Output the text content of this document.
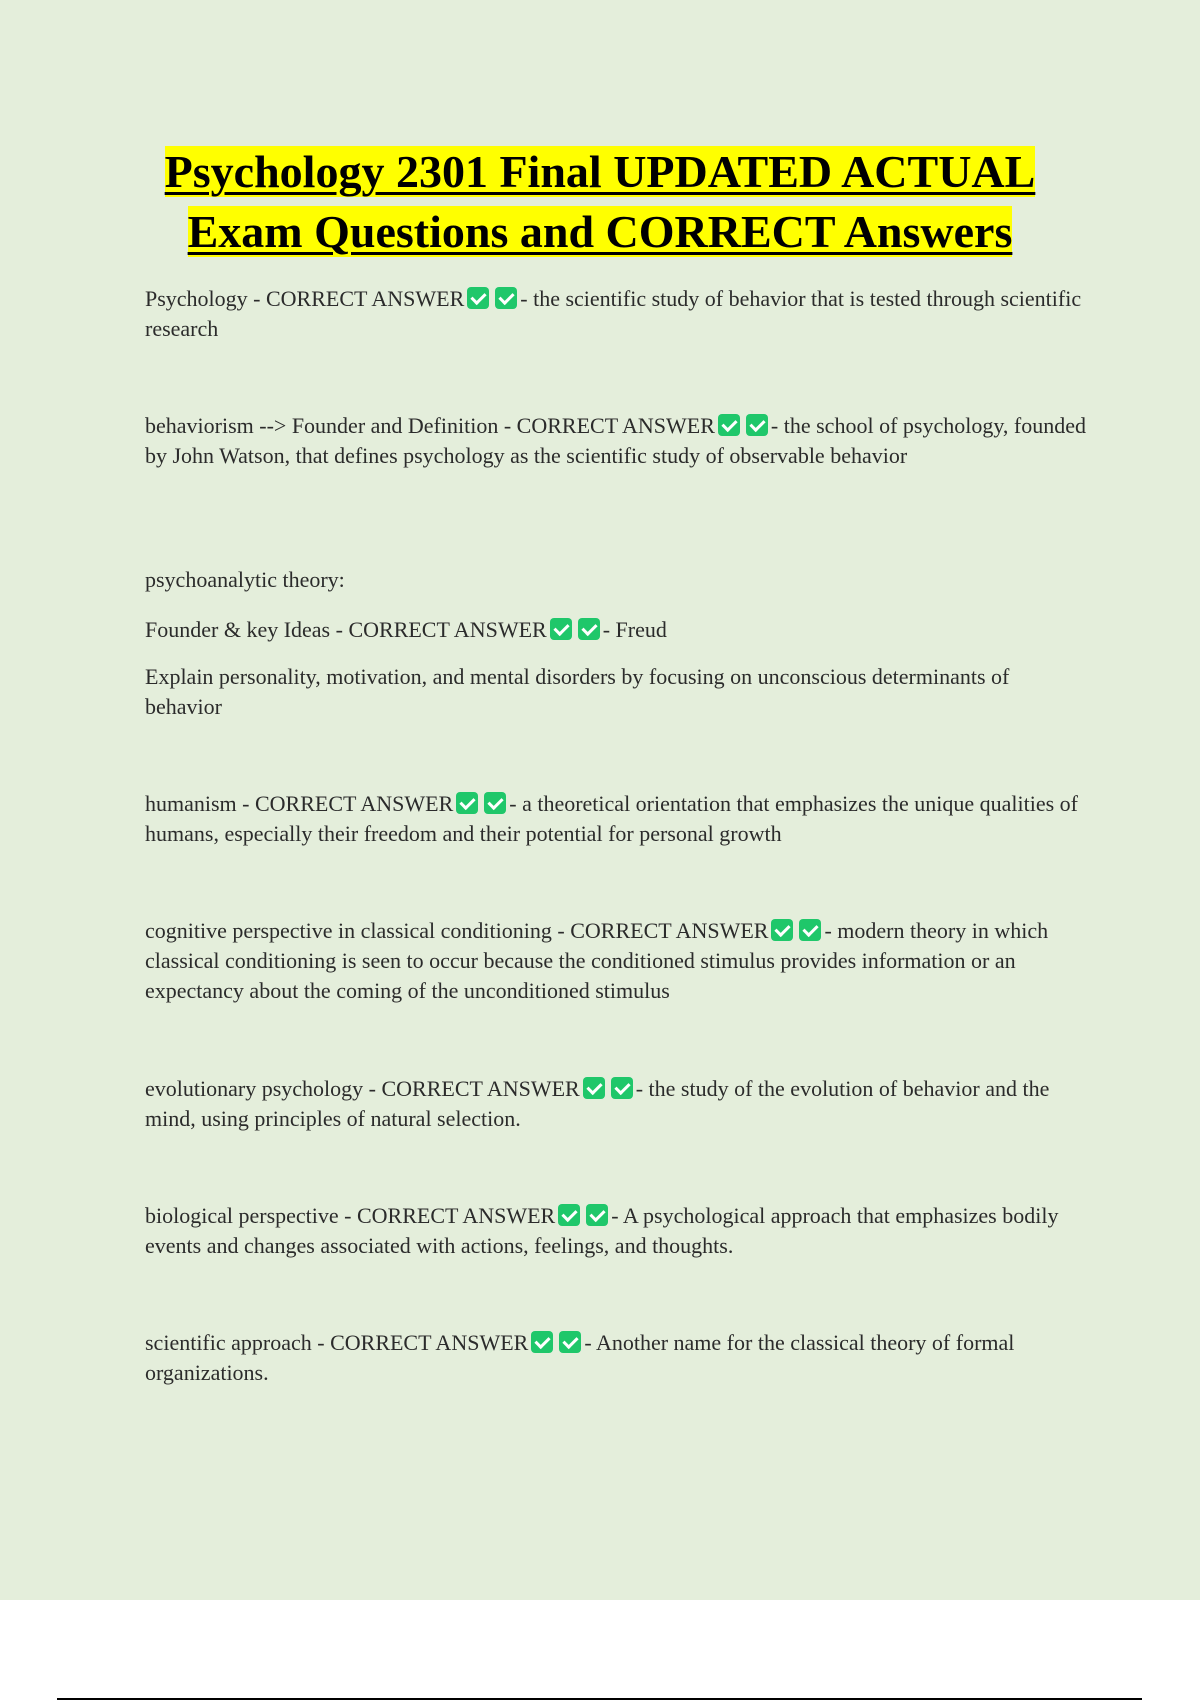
Psychology 2301 Final UPDATED ACTUAL
Exam Questions and CORRECT Answers
Psychology - CORRECT ANSWER	- the scientific study of behavior that is tested through scientific research
behaviorism --> Founder and Definition - CORRECT ANSWER	- the school of psychology, founded by John Watson, that defines psychology as the scientific study of observable behavior
psychoanalytic theory:
Founder & key Ideas - CORRECT ANSWER	- Freud
Explain personality, motivation, and mental disorders by focusing on unconscious determinants of behavior
humanism - CORRECT ANSWER	- a theoretical orientation that emphasizes the unique qualities of humans, especially their freedom and their potential for personal growth
cognitive perspective in classical conditioning - CORRECT ANSWER	- modern theory in which classical conditioning is seen to occur because the conditioned stimulus provides information or an expectancy about the coming of the unconditioned stimulus
evolutionary psychology - CORRECT ANSWER	- the study of the evolution of behavior and the mind, using principles of natural selection.
biological perspective - CORRECT ANSWER	- A psychological approach that emphasizes bodily events and changes associated with actions, feelings, and thoughts.
scientific approach - CORRECT ANSWER	- Another name for the classical theory of formal organizations.
